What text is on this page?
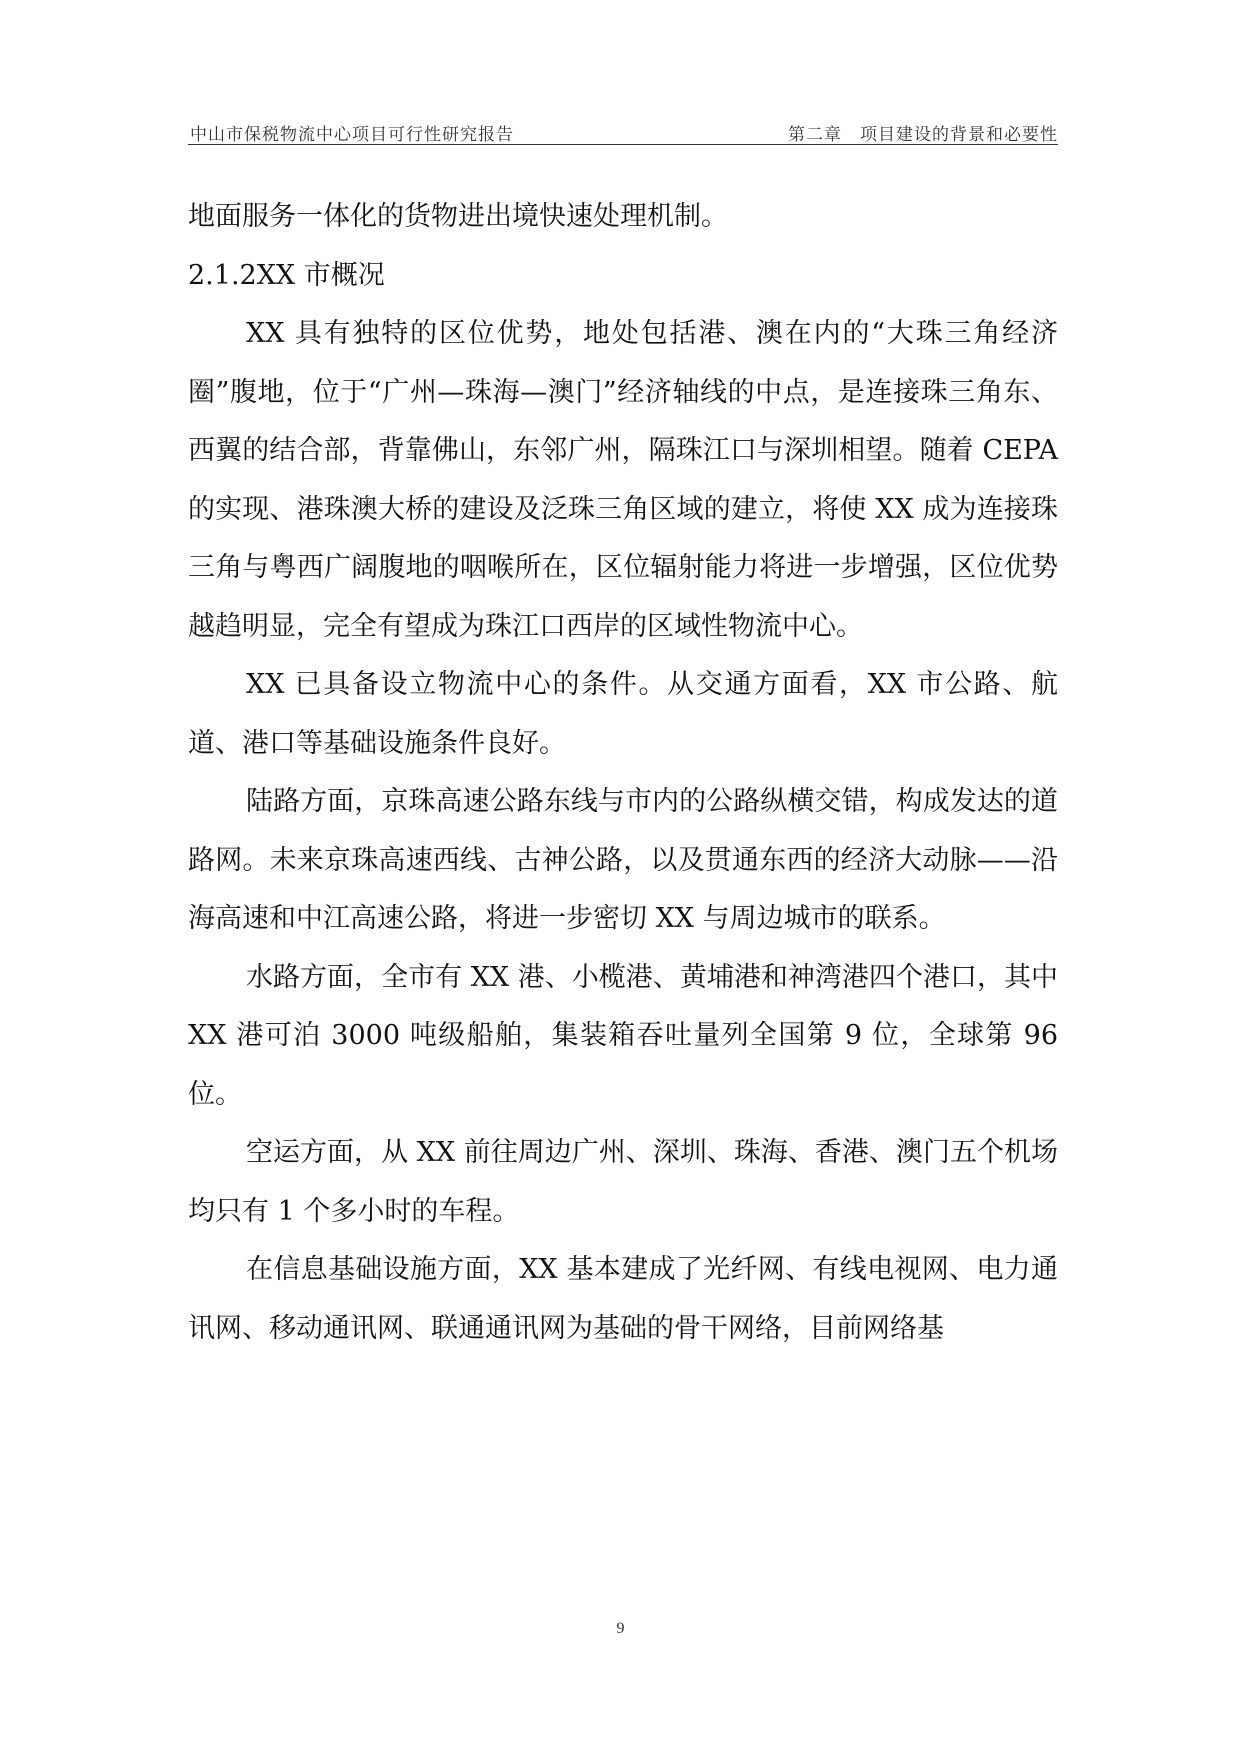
中山市保税物流中心项目可行性研究报告	第二章　项目建设的背景和必要性

地面服务一体化的货物进出境快速处理机制。

2.1.2XX 市概况

XX 具有独特的区位优势，地处包括港、澳在内的“大珠三角经济圈”腹地，位于“广州—珠海—澳门”经济轴线的中点，是连接珠三角东、西翼的结合部，背靠佛山，东邻广州，隔珠江口与深圳相望。随着 CEPA 的实现、港珠澳大桥的建设及泛珠三角区域的建立，将使 XX 成为连接珠三角与粤西广阔腹地的咽喉所在，区位辐射能力将进一步增强，区位优势越趋明显，完全有望成为珠江口西岸的区域性物流中心。

XX 已具备设立物流中心的条件。从交通方面看，XX 市公路、航道、港口等基础设施条件良好。

陆路方面，京珠高速公路东线与市内的公路纵横交错，构成发达的道路网。未来京珠高速西线、古神公路，以及贯通东西的经济大动脉——沿海高速和中江高速公路，将进一步密切 XX 与周边城市的联系。

水路方面，全市有 XX 港、小榄港、黄埔港和神湾港四个港口，其中 XX 港可泊 3000 吨级船舶，集装箱吞吐量列全国第 9 位，全球第 96 位。

空运方面，从 XX 前往周边广州、深圳、珠海、香港、澳门五个机场均只有 1 个多小时的车程。

在信息基础设施方面，XX 基本建成了光纤网、有线电视网、电力通讯网、移动通讯网、联通通讯网为基础的骨干网络，目前网络基

9
